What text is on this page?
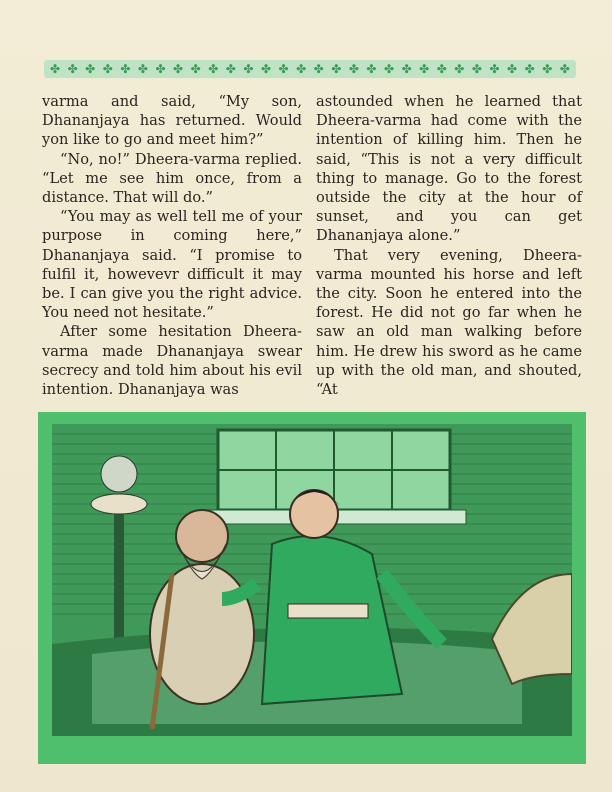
✤ ✤ ✤ ✤ ✤ ✤ ✤ ✤ ✤ ✤ ✤ ✤ ✤ ✤ ✤ ✤ ✤ ✤ ✤ ✤ ✤ ✤ ✤ ✤ ✤ ✤ ✤ ✤ ✤ ✤

varma and said, “My son, Dhananjaya has returned. Would yon like to go and meet him?”

“No, no!” Dheera-varma replied. “Let me see him once, from a distance. That will do.”

“You may as well tell me of your purpose in coming here,” Dhananjaya said. “I promise to fulfil it, howevevr difficult it may be. I can give you the right advice. You need not hesitate.”

After some hesitation Dheera-varma made Dhananjaya swear secrecy and told him about his evil intention. Dhananjaya was

astounded when he learned that Dheera-varma had come with the intention of killing him. Then he said, “This is not a very difficult thing to manage. Go to the forest outside the city at the hour of sunset, and you can get Dhananjaya alone.”

That very evening, Dheera-varma mounted his horse and left the city. Soon he entered into the forest. He did not go far when he saw an old man walking before him. He drew his sword as he came up with the old man, and shouted, “At
